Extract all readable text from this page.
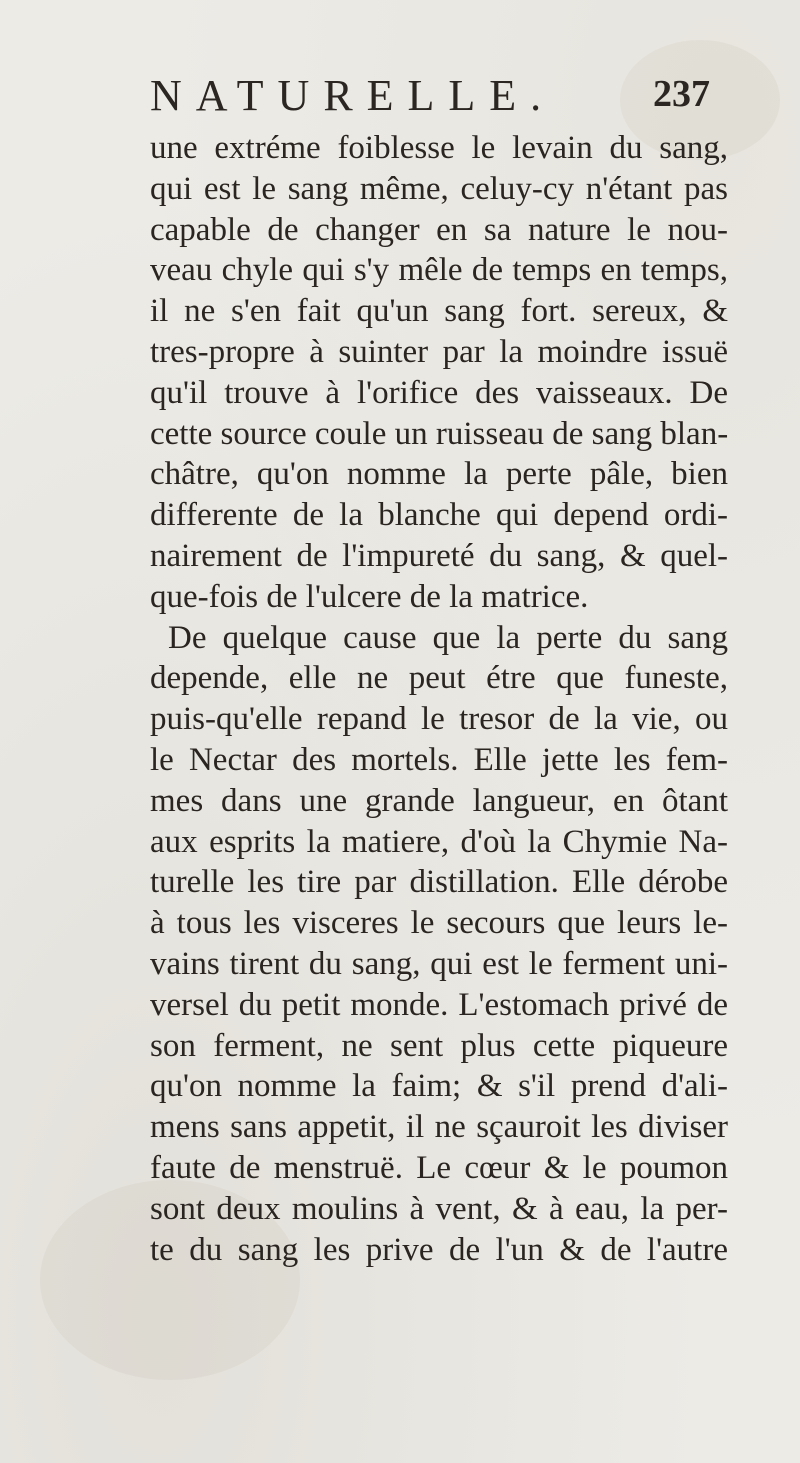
NATURELLE.	237
une extréme foiblesse le levain du sang,
qui est le sang même, celuy-cy n'étant pas
capable de changer en sa nature le nou-
veau chyle qui s'y mêle de temps en temps,
il ne s'en fait qu'un sang fort. sereux, &
tres-propre à suinter par la moindre issuë
qu'il trouve à l'orifice des vaisseaux. De
cette source coule un ruisseau de sang blan-
châtre, qu'on nomme la perte pâle, bien
differente de la blanche qui depend ordi-
nairement de l'impureté du sang, & quel-
que-fois de l'ulcere de la matrice.
De quelque cause que la perte du sang
depende, elle ne peut étre que funeste,
puis-qu'elle repand le tresor de la vie, ou
le Nectar des mortels. Elle jette les fem-
mes dans une grande langueur, en ôtant
aux esprits la matiere, d'où la Chymie Na-
turelle les tire par distillation. Elle dérobe
à tous les visceres le secours que leurs le-
vains tirent du sang, qui est le ferment uni-
versel du petit monde. L'estomach privé de
son ferment, ne sent plus cette piqueure
qu'on nomme la faim; & s'il prend d'ali-
mens sans appetit, il ne sçauroit les diviser
faute de menstruë. Le cœur & le poumon
sont deux moulins à vent, & à eau, la per-
te du sang les prive de l'un & de l'autre
